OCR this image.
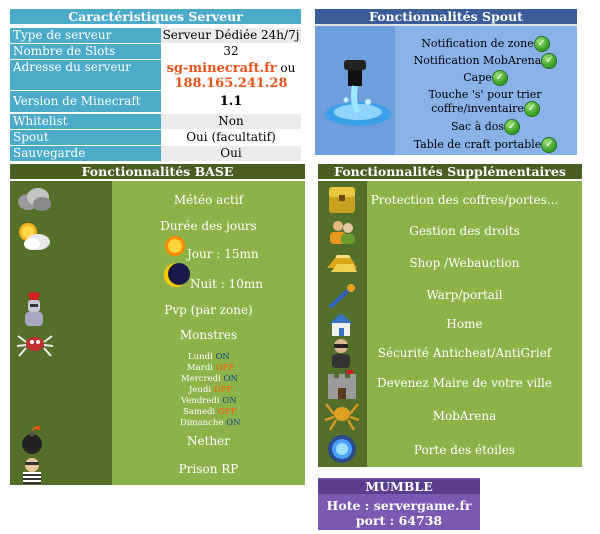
Caractéristiques Serveur
Type de serveur	Serveur Dédiée 24h/7j
Nombre de Slots	32
Adresse du serveur	sg-minecraft.fr ou
188.165.241.28
Version de Minecraft	1.1
Whitelist	Non
Spout	Oui (facultatif)
Sauvegarde	Oui
Fonctionnalités Spout
Notification de zone ✓
Notification MobArena ✓
Cape ✓
Touche 's' pour trier
coffre/inventaire ✓
Sac à dos ✓
Table de craft portable ✓
Fonctionnalités BASE
Météo actif
Durée des jours
Jour : 15mn
Nuit : 10mn
Pvp (par zone)
Monstres
Lundi ON
Mardi OFF
Mercredi ON
Jeudi OFF
Vendredi ON
Samedi OFF
Dimanche ON
Nether
Prison RP
Fonctionnalités Supplémentaires
Protection des coffres/portes...
Gestion des droits
Shop /Webauction
Warp/portail
Home
Sécurité Anticheat/AntiGrief
Devenez Maire de votre ville
MobArena
Porte des étoiles
MUMBLE
Hote : servergame.fr
port : 64738
